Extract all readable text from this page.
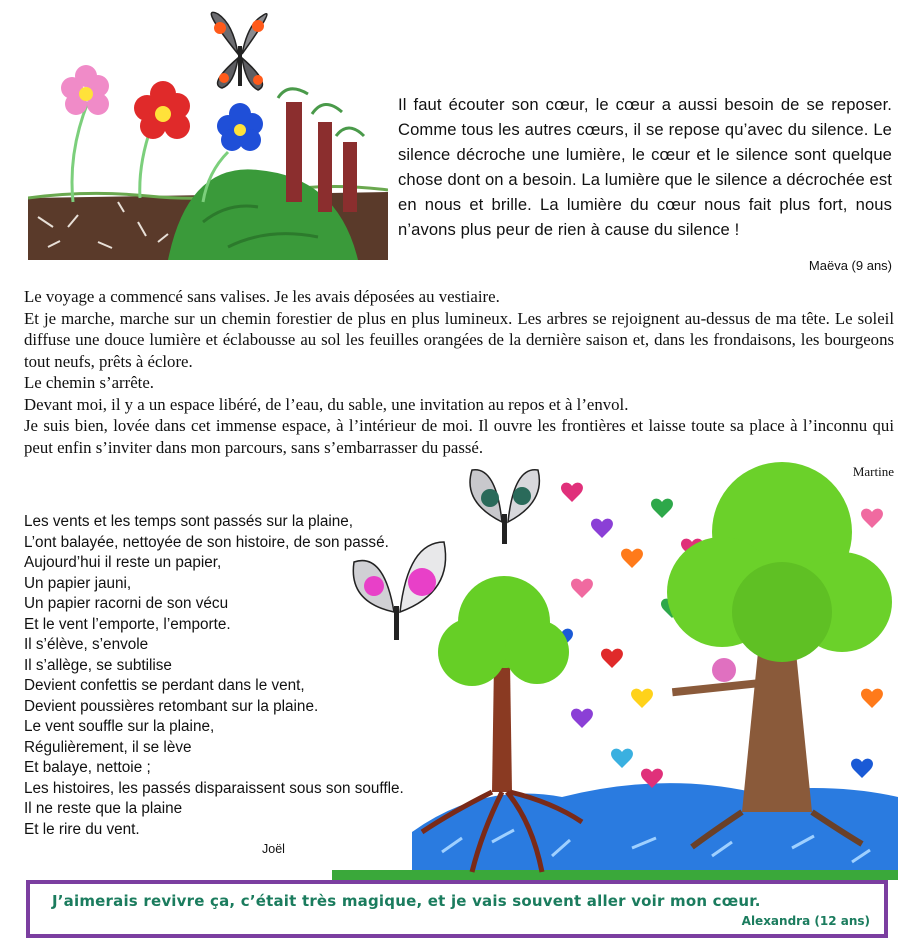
Il faut écouter son cœur, le cœur a aussi besoin de se reposer. Comme tous les autres cœurs, il se repose qu’avec du silence. Le silence décroche une lumière, le cœur et le silence sont quelque chose dont on a besoin. La lumière que le silence a décrochée est en nous et brille. La lumière du cœur nous fait plus fort, nous n’avons plus peur de rien à cause du silence !
Maëva (9 ans)

Le voyage a commencé sans valises. Je les avais déposées au vestiaire.

Et je marche, marche sur un chemin forestier de plus en plus lumineux. Les arbres se rejoignent au-dessus de ma tête. Le soleil diffuse une douce lumière et éclabousse au sol les feuilles orangées de la dernière saison et, dans les frondaisons, les bourgeons tout neufs, prêts à éclore.

Le chemin s’arrête.

Devant moi, il y a un espace libéré, de l’eau, du sable, une invitation au repos et à l’envol.

Je suis bien, lovée dans cet immense espace, à l’intérieur de moi. Il ouvre les frontières et laisse toute sa place à l’inconnu qui peut enfin s’inviter dans mon parcours, sans s’embarrasser du passé.

Martine
Les vents et les temps sont passés sur la plaine,
L’ont balayée, nettoyée de son histoire, de son passé.
Aujourd’hui il reste un papier,
Un papier jauni,
Un papier racorni de son vécu
Et le vent l’emporte, l’emporte.
Il s’élève, s’envole
Il s’allège, se subtilise
Devient confettis se perdant dans le vent,
Devient poussières retombant sur la plaine.
Le vent souffle sur la plaine,
Régulièrement, il se lève
Et balaye, nettoie ;
Les histoires, les passés disparaissent sous son souffle.
Il ne reste que la plaine
Et le rire du vent.
Joël
J’aimerais revivre ça, c’était très magique, et je vais souvent aller voir mon cœur.
Alexandra (12 ans)
